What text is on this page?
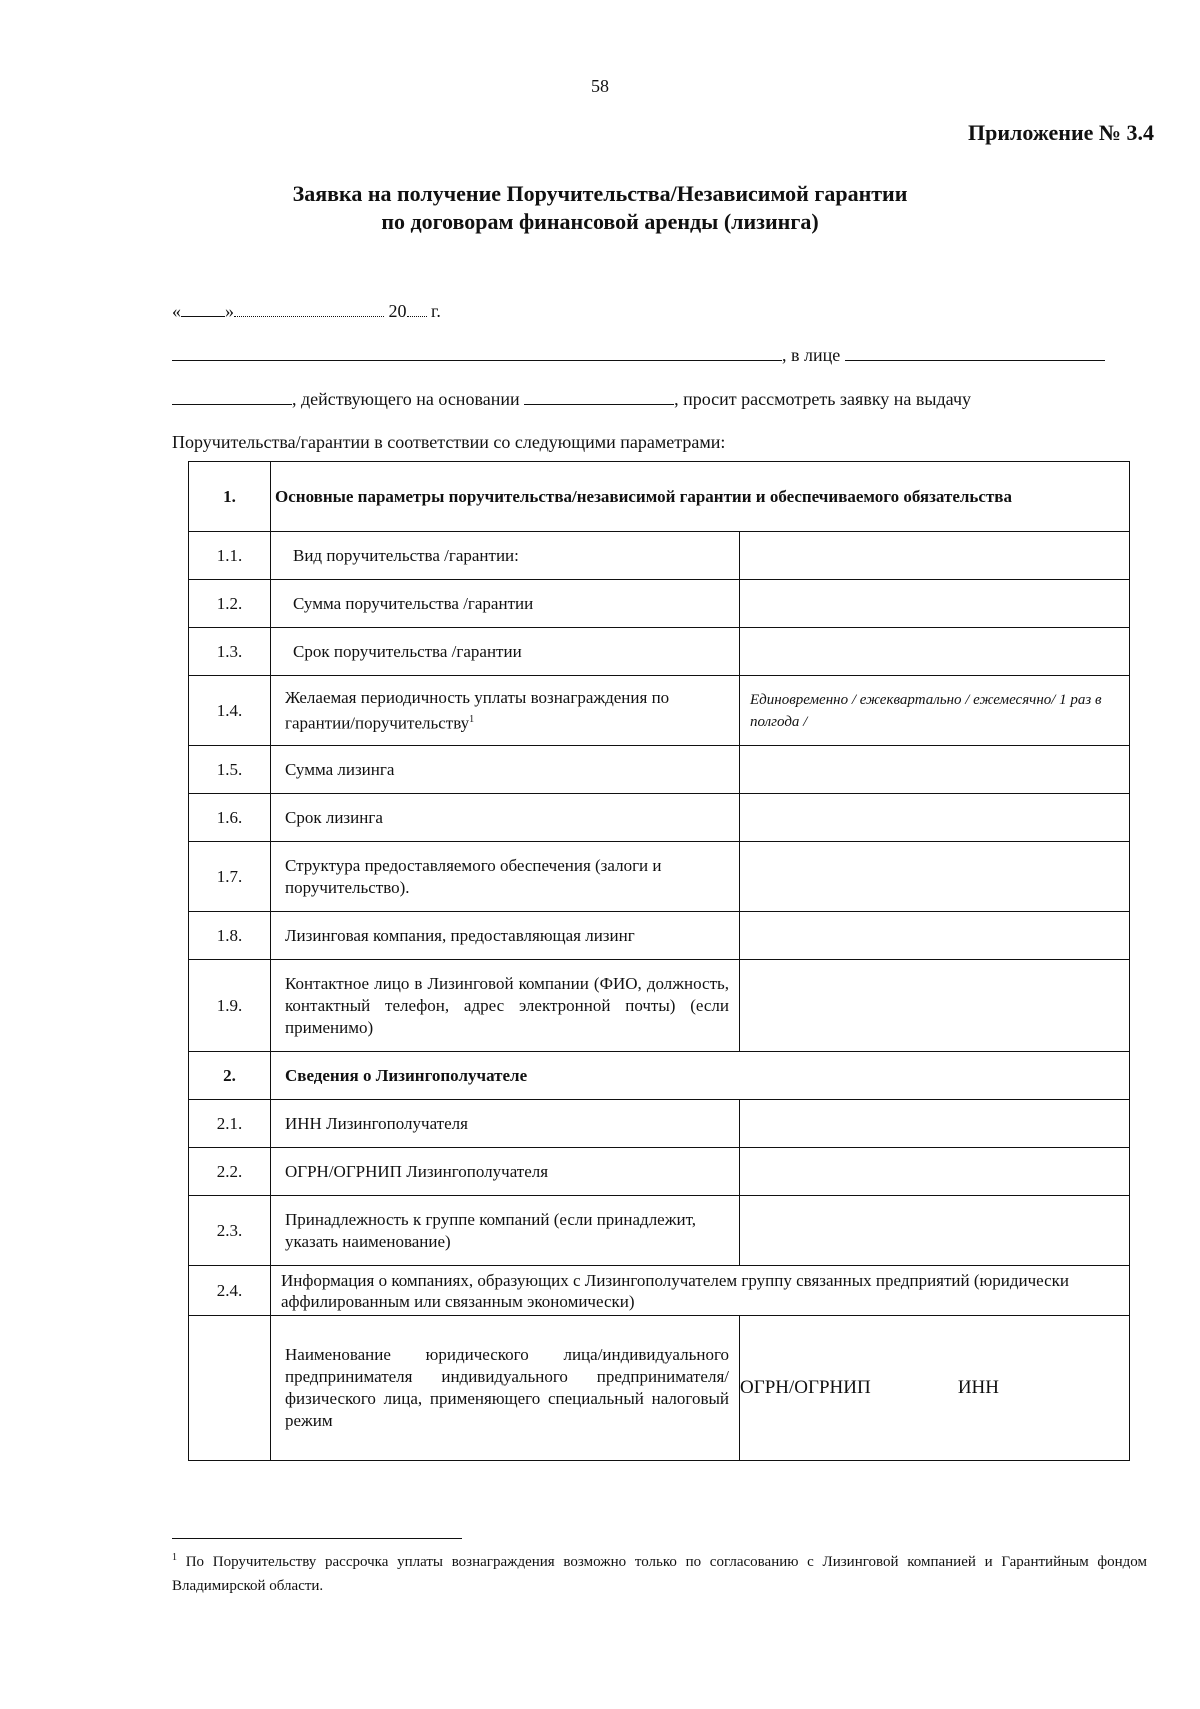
58
Приложение № 3.4
Заявка на получение Поручительства/Независимой гарантии
по договорам финансовой аренды (лизинга)
« »	20 г.
, в лице
, действующего на основании	, просит рассмотреть заявку на выдачу
Поручительства/гарантии в соответствии со следующими параметрами:
1.	Основные параметры поручительства/независимой гарантии и обеспечиваемого обязательства	
1.1.	Вид поручительства /гарантии:	
1.2.	Сумма поручительства /гарантии	
1.3.	Срок поручительства /гарантии	
1.4.	Желаемая периодичность уплаты вознаграждения по гарантии/поручительству$^1$	Единовременно / ежеквартально / ежемесячно/ 1 раз в полгода /
1.5.	Сумма лизинга	
1.6.	Срок лизинга	
1.7.	Структура предоставляемого обеспечения (залоги и поручительство).	
1.8.	Лизинговая компания, предоставляющая лизинг	
1.9.	Контактное лицо в Лизинговой компании (ФИО, должность, контактный телефон, адрес электронной почты) (если применимо)	
2.	Сведения о Лизингополучателе	
2.1.	ИНН Лизингополучателя	
2.2.	ОГРН/ОГРНИП Лизингополучателя	
2.3.	Принадлежность к группе компаний (если принадлежит, указать наименование)	
2.4.	Информация о компаниях, образующих с Лизингополучателем группу связанных предприятий (юридически аффилированным или связанным экономически)	
	Наименование юридического лица/индивидуального предпринимателя индивидуального предпринимателя/физического лица, применяющего специальный налоговый режим	ОГРН/ОГРНИП ИНН
$^1$ По Поручительству рассрочка уплаты вознаграждения возможно только по согласованию с Лизинговой компанией и Гарантийным фондом Владимирской области.
